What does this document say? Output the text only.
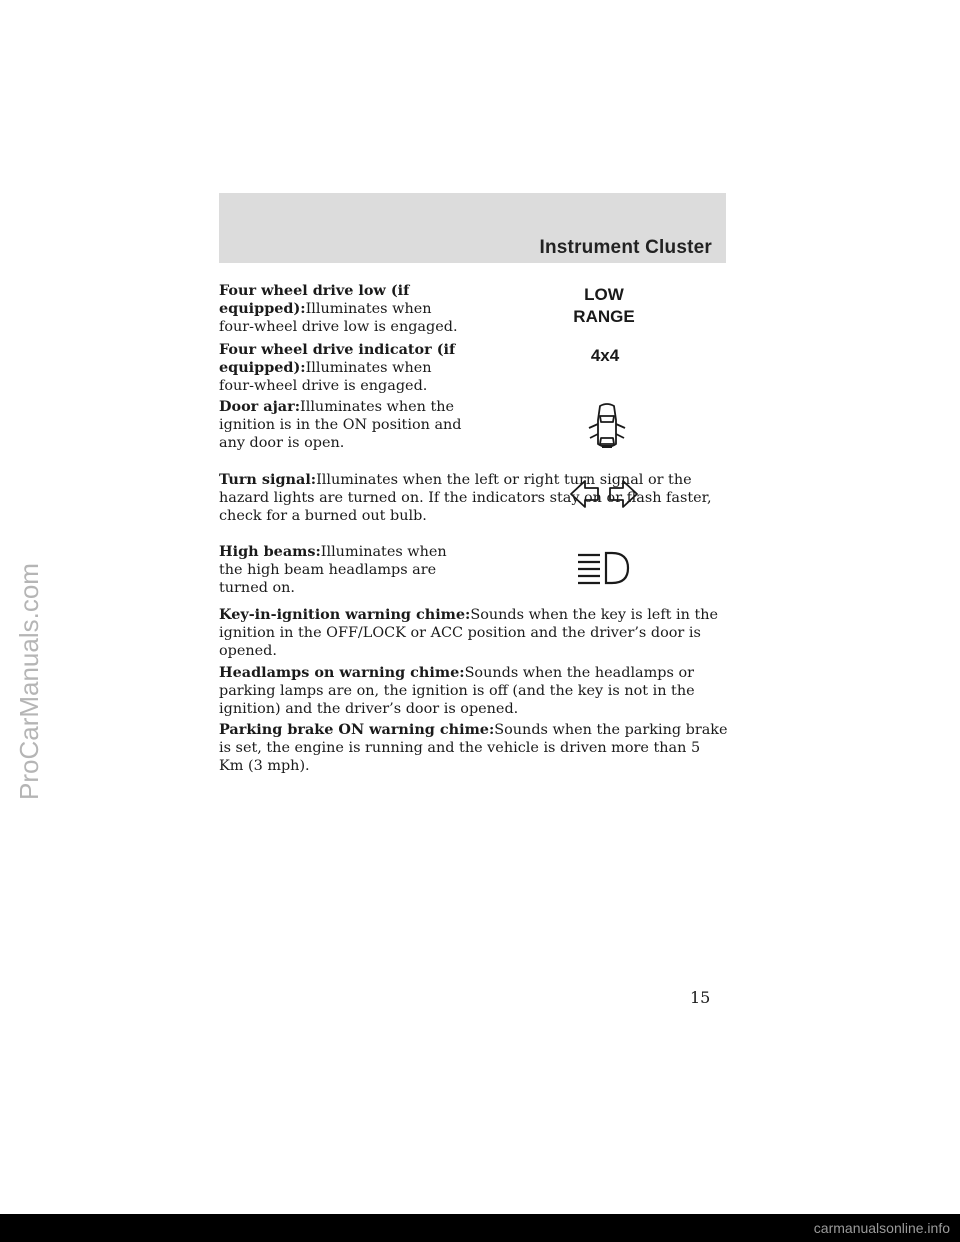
Instrument Cluster
ProCarManuals.com
Four wheel drive low (if equipped):Illuminates when four-wheel drive low is engaged.
LOW
RANGE
Four wheel drive indicator (if equipped):Illuminates when four-wheel drive is engaged.
4x4
Door ajar:Illuminates when the ignition is in the ON position and any door is open.
Turn signal:Illuminates when the left or right turn signal or the hazard lights are turned on. If the indicators stay on or flash faster, check for a burned out bulb.
High beams:Illuminates when the high beam headlamps are turned on.
Key-in-ignition warning chime:Sounds when the key is left in the ignition in the OFF/LOCK or ACC position and the driver’s door is opened.
Headlamps on warning chime:Sounds when the headlamps or parking lamps are on, the ignition is off (and the key is not in the ignition) and the driver’s door is opened.
Parking brake ON warning chime:Sounds when the parking brake is set, the engine is running and the vehicle is driven more than 5 Km (3 mph).
15
carmanualsonline.info
